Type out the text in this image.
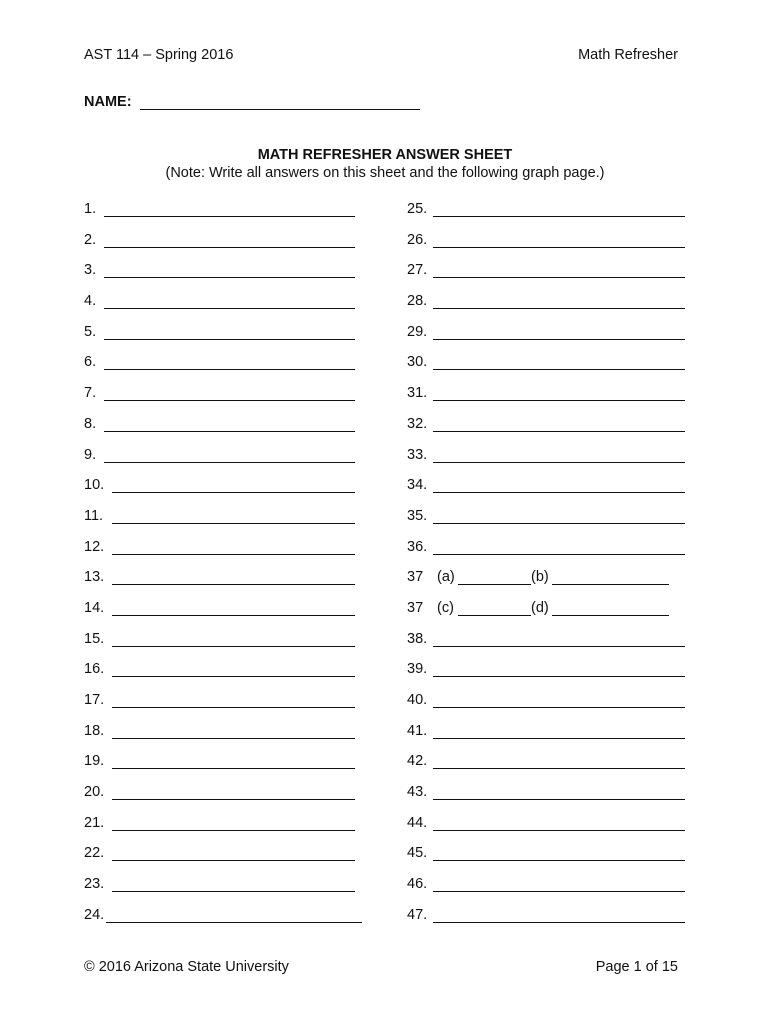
AST 114 – Spring 2016	Math Refresher
NAME:
MATH REFRESHER ANSWER SHEET
(Note: Write all answers on this sheet and the following graph page.)
1.
2.
3.
4.
5.
6.
7.
8.
9.
10.
11.
12.
13.
14.
15.
16.
17.
18.
19.
20.
21.
22.
23.
24.
25.
26.
27.
28.
29.
30.
31.
32.
33.
34.
35.
36.
37 (a)	(b)
37 (c)	(d)
38.
39.
40.
41.
42.
43.
44.
45.
46.
47.
© 2016 Arizona State University	Page 1 of 15
